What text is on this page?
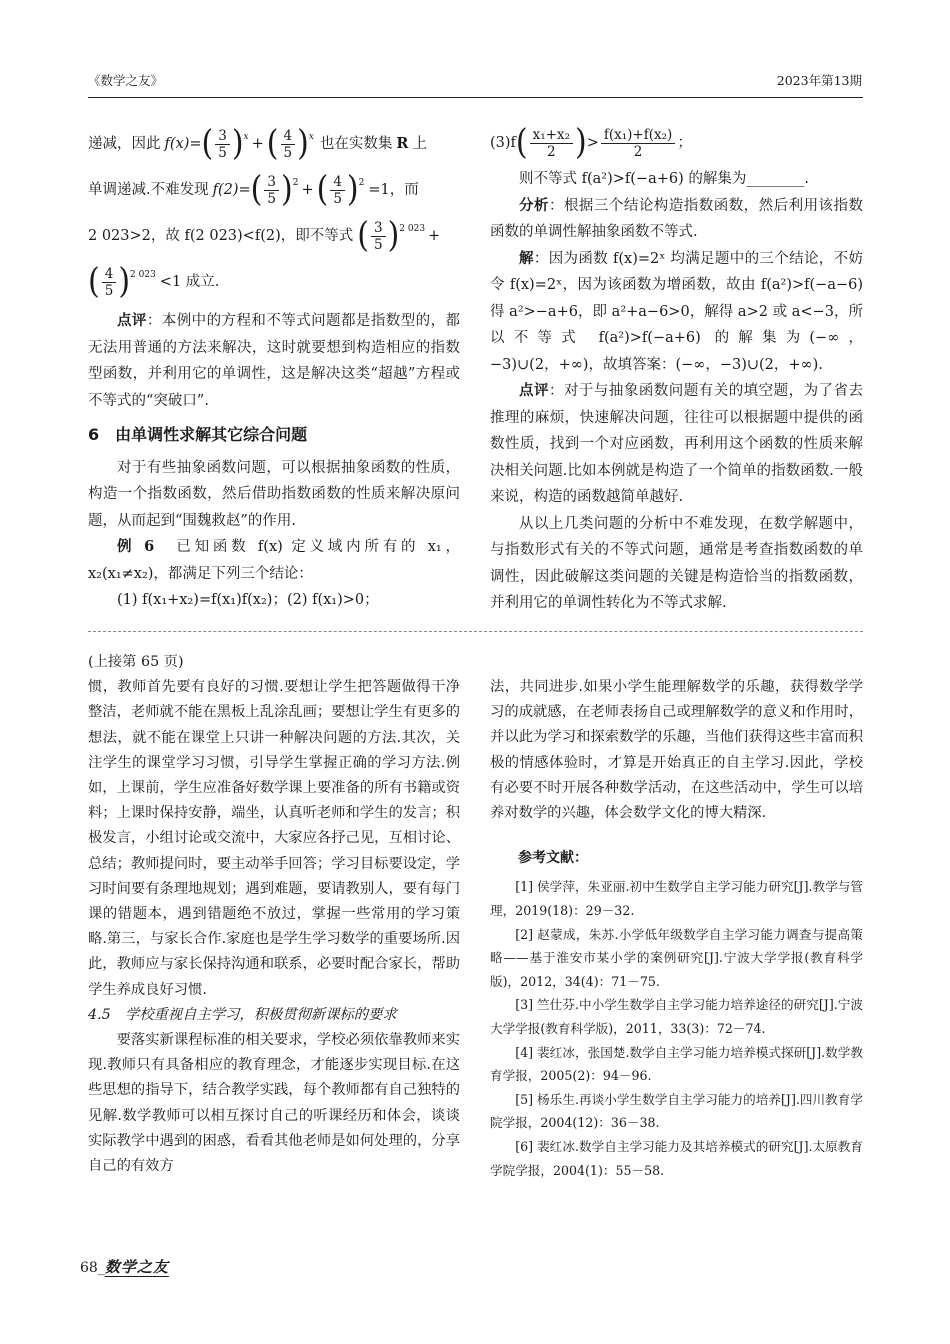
《数学之友》	2023年第13期
递减，因此 f(x)= ( $\frac{3}{5} )^x$ + ( $\frac{4}{5} )^x$ 也在实数集 R 上
单调递减.不难发现 f(2)= ( $\frac{3}{5} )^2$ + ( $\frac{4}{5} )^2 =1$，而
2 023>2，故 f(2 023)<f(2)，即不等式 ( $\frac{3}{5} )^{2 023}$ +
( $\frac{4}{5} )^{2 023} <1$ 成立.

点评：本例中的方程和不等式问题都是指数型的，都无法用普通的方法来解决，这时就要想到构造相应的指数型函数，并利用它的单调性，这是解决这类“超越”方程或不等式的“突破口”.

6　由单调性求解其它综合问题

对于有些抽象函数问题，可以根据抽象函数的性质，构造一个指数函数，然后借助指数函数的性质来解决原问题，从而起到“围魏救赵”的作用.

例 6　已知函数 f(x) 定义域内所有的 x₁，x₂(x₁≠x₂)，都满足下列三个结论：

(1) f(x₁+x₂)=f(x₁)f(x₂)；(2) f(x₁)>0；

(3)f ( $\frac{\text{x₁+x₂}}{2}$ ) > $\frac{\text{f(x₁)+f(x₂)}}{2}$ ；

则不等式 f(a²)>f(−a+6) 的解集为________.

分析：根据三个结论构造指数函数，然后利用该指数函数的单调性解抽象函数不等式.

解：因为函数 f(x)=2ˣ 均满足题中的三个结论，不妨令 f(x)=2ˣ，因为该函数为增函数，故由 f(a²)>f(−a−6) 得 a²>−a+6，即 a²+a−6>0，解得 a>2 或 a<−3，所以不等式 f(a²)>f(−a+6) 的解集为(−∞，−3)∪(2，+∞)，故填答案：(−∞，−3)∪(2，+∞).

点评：对于与抽象函数问题有关的填空题，为了省去推理的麻烦，快速解决问题，往往可以根据题中提供的函数性质，找到一个对应函数，再利用这个函数的性质来解决相关问题.比如本例就是构造了一个简单的指数函数.一般来说，构造的函数越简单越好.

从以上几类问题的分析中不难发现，在数学解题中，与指数形式有关的不等式问题，通常是考查指数函数的单调性，因此破解这类问题的关键是构造恰当的指数函数，并利用它的单调性转化为不等式求解.

(上接第 65 页)

惯，教师首先要有良好的习惯.要想让学生把答题做得干净整洁，老师就不能在黑板上乱涂乱画；要想让学生有更多的想法，就不能在课堂上只讲一种解决问题的方法.其次，关注学生的课堂学习习惯，引导学生掌握正确的学习方法.例如，上课前，学生应准备好数学课上要准备的所有书籍或资料；上课时保持安静，端坐，认真听老师和学生的发言；积极发言，小组讨论或交流中，大家应各抒己见，互相讨论、总结；教师提问时，要主动举手回答；学习目标要设定，学习时间要有条理地规划；遇到难题，要请教别人，要有每门课的错题本，遇到错题绝不放过，掌握一些常用的学习策略.第三，与家长合作.家庭也是学生学习数学的重要场所.因此，教师应与家长保持沟通和联系，必要时配合家长，帮助学生养成良好习惯.

4.5　学校重视自主学习，积极贯彻新课标的要求

要落实新课程标准的相关要求，学校必须依靠教师来实现.教师只有具备相应的教育理念，才能逐步实现目标.在这些思想的指导下，结合教学实践，每个教师都有自己独特的见解.数学教师可以相互探讨自己的听课经历和体会，谈谈实际教学中遇到的困惑，看看其他老师是如何处理的，分享自己的有效方

法，共同进步.如果小学生能理解数学的乐趣，获得数学学习的成就感，在老师表扬自己或理解数学的意义和作用时，并以此为学习和探索数学的乐趣，当他们获得这些丰富而积极的情感体验时，才算是开始真正的自主学习.因此，学校有必要不时开展各种数学活动，在这些活动中，学生可以培养对数学的兴趣，体会数学文化的博大精深.

参考文献：
[1] 侯学萍，朱亚丽.初中生数学自主学习能力研究[J].教学与管理，2019(18)：29－32.
[2] 赵蒙成，朱苏.小学低年级数学自主学习能力调查与提高策略——基于淮安市某小学的案例研究[J].宁波大学学报(教育科学版)，2012，34(4)：71－75.
[3] 竺仕芬.中小学生数学自主学习能力培养途径的研究[J].宁波大学学报(教育科学版)，2011，33(3)：72－74.
[4] 裴红冰，张国楚.数学自主学习能力培养模式探研[J].数学教育学报，2005(2)：94－96.
[5] 杨乐生.再谈小学生数学自主学习能力的培养[J].四川教育学院学报，2004(12)：36－38.
[6] 裴红冰.数学自主学习能力及其培养模式的研究[J].太原教育学院学报，2004(1)：55－58.
68 _ 数学之友
